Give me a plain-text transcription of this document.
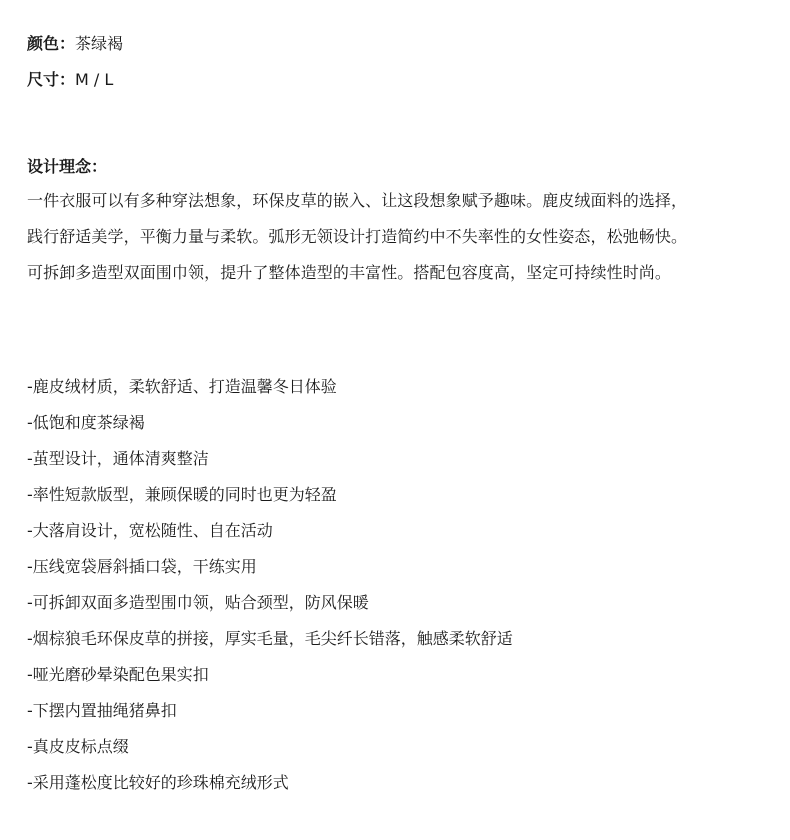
颜色：茶绿褐
尺寸：M / L
设计理念：
一件衣服可以有多种穿法想象，环保皮草的嵌入、让这段想象赋予趣味。鹿皮绒面料的选择，
践行舒适美学，平衡力量与柔软。弧形无领设计打造简约中不失率性的女性姿态，松弛畅快。
可拆卸多造型双面围巾领，提升了整体造型的丰富性。搭配包容度高，坚定可持续性时尚。
-鹿皮绒材质，柔软舒适、打造温馨冬日体验
-低饱和度茶绿褐
-茧型设计，通体清爽整洁
-率性短款版型，兼顾保暖的同时也更为轻盈
-大落肩设计，宽松随性、自在活动
-压线宽袋唇斜插口袋，干练实用
-可拆卸双面多造型围巾领，贴合颈型，防风保暖
-烟棕狼毛环保皮草的拼接，厚实毛量，毛尖纤长错落，触感柔软舒适
-哑光磨砂晕染配色果实扣
-下摆内置抽绳猪鼻扣
-真皮皮标点缀
-采用蓬松度比较好的珍珠棉充绒形式
